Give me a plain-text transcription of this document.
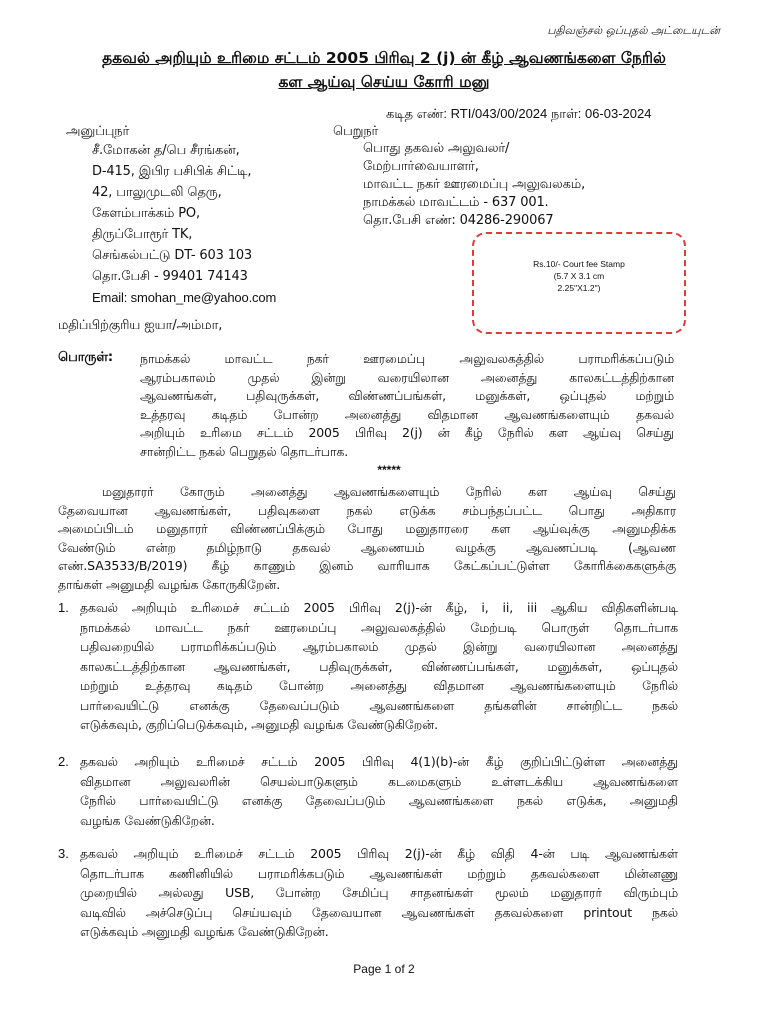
பதிவஞ்சல் ஒப்புதல் அட்டையுடன்
தகவல் அறியும் உரிமை சட்டம் 2005 பிரிவு 2 (j) ன் கீழ் ஆவணங்களை நேரில்
கள ஆய்வு செய்ய கோரி மனு
கடித எண்: RTI/043/00/2024 நாள்: 06-03-2024
அனுப்புநர்
சீ.மோகன் த/பெ சீரங்கன்,
D-415, இபிர பசிபிக் சிட்டி,
42, பாலுமுடலி தெரு,
கேளம்பாக்கம் PO,
திருப்போரூர் TK,
செங்கல்பட்டு DT- 603 103
தொ.பேசி - 99401 74143
Email: smohan_me@yahoo.com
பெறுநர்
பொது தகவல் அலுவலர்/
மேற்பார்வையாளர்,
மாவட்ட நகர் ஊரமைப்பு அலுவலகம்,
நாமக்கல் மாவட்டம் - 637 001.
தொ.பேசி எண்: 04286-290067
Rs.10/- Court fee Stamp
(5.7 X 3.1 cm
2.25"X1.2")
மதிப்பிற்குரிய ஐயா/அம்மா,
பொருள்: நாமக்கல் மாவட்ட நகர் ஊரமைப்பு அலுவலகத்தில் பராமரிக்கப்படும்
ஆரம்பகாலம் முதல் இன்று வரையிலான அனைத்து காலகட்டத்திற்கான
ஆவணங்கள், பதிவுருக்கள், விண்ணப்பங்கள், மனுக்கள், ஒப்புதல் மற்றும்
உத்தரவு கடிதம் போன்ற அனைத்து விதமான ஆவணங்களையும் தகவல்
அறியும் உரிமை சட்டம் 2005 பிரிவு 2(j) ன் கீழ் நேரில் கள ஆய்வு செய்து
சான்றிட்ட நகல் பெறுதல் தொடர்பாக.
*****
மனுதாரர் கோரும் அனைத்து ஆவணங்களையும் நேரில் கள ஆய்வு செய்து
தேவையான ஆவணங்கள், பதிவுகளை நகல் எடுக்க சம்பந்தப்பட்ட பொது அதிகார
அமைப்பிடம் மனுதாரர் விண்ணப்பிக்கும் போது மனுதாரரை கள ஆய்வுக்கு அனுமதிக்க
வேண்டும் என்ற தமிழ்நாடு தகவல் ஆணையம் வழக்கு ஆவணப்படி (ஆவண
எண்.SA3533/B/2019) கீழ் காணும் இனம் வாரியாக கேட்கப்பட்டுள்ள கோரிக்கைகளுக்கு
தாங்கள் அனுமதி வழங்க கோருகிறேன்.
1. தகவல் அறியும் உரிமைச் சட்டம் 2005 பிரிவு 2(j)-ன் கீழ், i, ii, iii ஆகிய விதிகளின்படி
நாமக்கல் மாவட்ட நகர் ஊரமைப்பு அலுவலகத்தில் மேற்படி பொருள் தொடர்பாக
பதிவறையில் பராமரிக்கப்படும் ஆரம்பகாலம் முதல் இன்று வரையிலான அனைத்து
காலகட்டத்திற்கான ஆவணங்கள், பதிவுருக்கள், விண்ணப்பங்கள், மனுக்கள், ஒப்புதல்
மற்றும் உத்தரவு கடிதம் போன்ற அனைத்து விதமான ஆவணங்களையும் நேரில்
பார்வையிட்டு எனக்கு தேவைப்படும் ஆவணங்களை தங்களின் சான்றிட்ட நகல்
எடுக்கவும், குறிப்பெடுக்கவும், அனுமதி வழங்க வேண்டுகிறேன்.
2. தகவல் அறியும் உரிமைச் சட்டம் 2005 பிரிவு 4(1)(b)-ன் கீழ் குறிப்பிட்டுள்ள அனைத்து
விதமான அலுவலரின் செயல்பாடுகளும் கடமைகளும் உள்ளடக்கிய ஆவணங்களை
நேரில் பார்வையிட்டு எனக்கு தேவைப்படும் ஆவணங்களை நகல் எடுக்க, அனுமதி
வழங்க வேண்டுகிறேன்.
3. தகவல் அறியும் உரிமைச் சட்டம் 2005 பிரிவு 2(j)-ன் கீழ் விதி 4-ன் படி ஆவணங்கள்
தொடர்பாக கணினியில் பராமரிக்கபடும் ஆவணங்கள் மற்றும் தகவல்களை மின்னணு
முறையில் அல்லது USB, போன்ற சேமிப்பு சாதனங்கள் மூலம் மனுதாரர் விரும்பும்
வடிவில் அச்செடுப்பு செய்யவும் தேவையான ஆவணங்கள் தகவல்களை printout நகல்
எடுக்கவும் அனுமதி வழங்க வேண்டுகிறேன்.
Page 1 of 2
